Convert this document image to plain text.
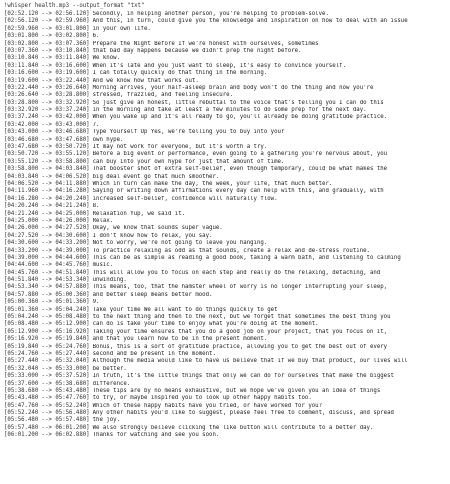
!whisper health.mp3 --output_format "txt"
[02:52.120 --> 02:56.120] Secondly, in helping another person, you're helping to problem-solve.
[02:56.120 --> 02:59.960] And this, in turn, could give you the knowledge and inspiration on how to deal with an issue
[02:59.960 --> 03:01.800] in your own life.
[03:01.800 --> 03:02.800] 6.
[03:02.800 --> 03:07.360] Prepare the Night Before If we're honest with ourselves, sometimes
[03:07.360 --> 03:10.840] that bad day happens because we didn't prep the night before.
[03:10.840 --> 03:11.840] We know.
[03:11.840 --> 03:16.600] When it's late and you just want to sleep, it's easy to convince yourself.
[03:16.600 --> 03:19.600] I can totally quickly do that thing in the morning.
[03:19.600 --> 03:22.440] And we know how that works out.
[03:22.440 --> 03:26.640] Morning arrives, your half-asleep brain and body won't do the thing and now you're
[03:26.640 --> 03:28.800] stressed, frazzled, and feeling insecure.
[03:28.800 --> 03:32.920] So just give an honest, little rebuttal to the voice that's telling you I can do this
[03:32.920 --> 03:37.240] in the morning and take at least a few minutes to do some prep for the next day.
[03:37.240 --> 03:42.000] When you wake up and it's all ready to go, you'll already be doing gratitude practice.
[03:42.000 --> 03:43.000] 7.
[03:43.000 --> 03:46.680] Type Yourself Up Yes, we're telling you to buy into your
[03:46.680 --> 03:47.680] own hype.
[03:47.680 --> 03:50.720] It may not work for everyone, but it's worth a try.
[03:50.720 --> 03:55.120] Before a big event or performance, even going to a gathering you're nervous about, you
[03:55.120 --> 03:58.800] can buy into your own hype for just that amount of time.
[03:58.800 --> 04:03.840] That booster shot of extra self-belief, even though temporary, could be what makes the
[04:03.840 --> 04:06.520] big deal event go that much smoother.
[04:06.520 --> 04:11.880] Which in turn can make the day, the week, your life, that much better.
[04:11.960 --> 04:16.280] Saying or writing down affirmations every day can help with this, and gradually, with
[04:16.280 --> 04:20.240] increased self-belief, confidence will naturally flow.
[04:20.240 --> 04:21.240] 8.
[04:21.240 --> 04:25.000] Relaxation Yup, we said it.
[04:25.000 --> 04:26.000] Relax.
[04:26.000 --> 04:27.520] Okay, we know that sounds super vague.
[04:27.520 --> 04:30.600] I don't know how to relax, you say.
[04:30.600 --> 04:33.200] Not to worry, we're not going to leave you hanging.
[04:33.200 --> 04:39.000] To practice relaxing as odd as that sounds, create a relax and de-stress routine.
[04:39.000 --> 04:44.600] This can be as simple as reading a good book, taking a warm bath, and listening to calming
[04:44.600 --> 04:45.760] music.
[04:45.760 --> 04:51.840] This will allow you to focus on each step and really do the relaxing, detaching, and
[04:51.840 --> 04:53.340] unwinding.
[04:53.340 --> 04:57.880] This means, too, that the hamster wheel of worry is no longer interrupting your sleep,
[04:57.880 --> 05:00.360] and better sleep means better mood.
[05:00.360 --> 05:01.360] 9.
[05:01.360 --> 05:04.240] Take your time We all want to do things quickly to get
[05:04.240 --> 05:08.480] to the next thing and then to the next, but we forget that sometimes the best thing you
[05:08.480 --> 05:12.900] can do is take your time to enjoy what you're doing at the moment.
[05:12.900 --> 05:16.920] Taking your time ensures that you do a good job on your project, that you focus on it,
[05:16.920 --> 05:19.840] and that you learn how to be in the present moment.
[05:19.840 --> 05:24.760] Bonus, this is a sort of gratitude practice, allowing you to get the best out of every
[05:24.760 --> 05:27.440] second and be present in the moment.
[05:27.440 --> 05:32.040] Although the media would like to have us believe that if we buy that product, our lives will
[05:32.040 --> 05:33.000] be better.
[05:33.000 --> 05:37.520] In truth, it's the little things that only we can do for ourselves that make the biggest
[05:37.600 --> 05:38.680] difference.
[05:38.680 --> 05:43.480] These tips are by no means exhaustive, but we hope we've given you an idea of things
[05:43.480 --> 05:47.760] to try, or maybe inspired you to look up other happy habits too.
[05:47.760 --> 05:52.240] Which of these happy habits have you tried, or have worked for you?
[05:52.240 --> 05:56.480] Any other habits you'd like to suggest, please feel free to comment, discuss, and spread
[05:56.480 --> 05:57.480] the joy.
[05:57.480 --> 06:01.200] We also strongly believe clicking the like button will contribute to a better day.
[06:01.200 --> 06:02.880] Thanks for watching and see you soon.
